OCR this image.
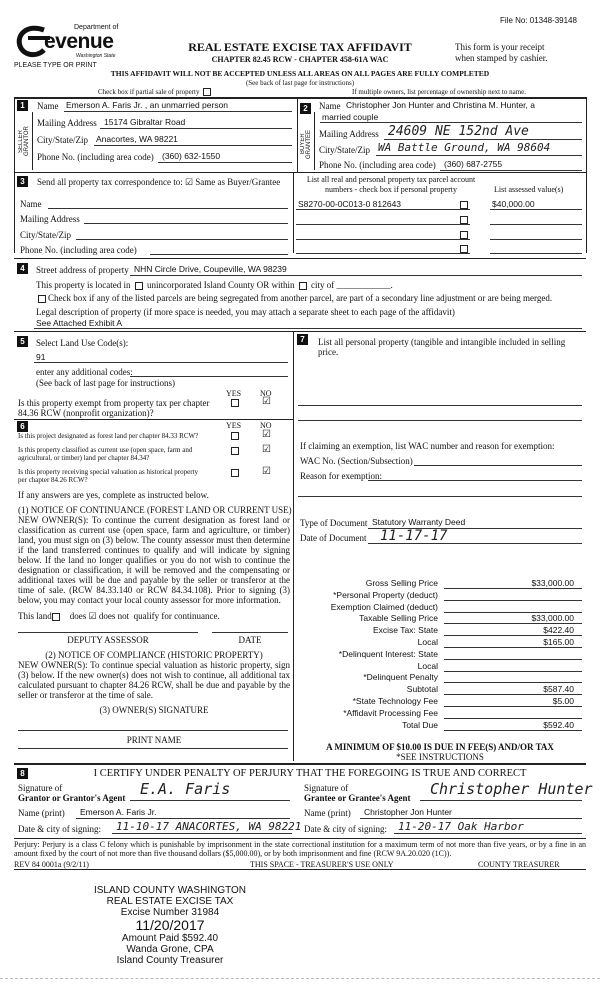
File No: 01348-39148
Department of
evenue
Washington State
PLEASE TYPE OR PRINT
REAL ESTATE EXCISE TAX AFFIDAVIT
CHAPTER 82.45 RCW - CHAPTER 458-61A WAC
This form is your receipt
when stamped by cashier.
THIS AFFIDAVIT WILL NOT BE ACCEPTED UNLESS ALL AREAS ON ALL PAGES ARE FULLY COMPLETED
(See back of last page for instructions)
Check box if partial sale of property	If multiple owners, list percentage of ownership next to name.
1
SELLER GRANTOR
Name Emerson A. Faris Jr. , an unmarried person
Mailing Address 15174 Gibraltar Road
City/State/Zip Anacortes, WA 98221
Phone No. (including area code) (360) 632-1550
2
BUYER GRANTEE
Name Christopher Jon Hunter and Christina M. Hunter, a
married couple
Mailing Address 24609 NE 152nd Ave
City/State/Zip WA Battle Ground, WA 98604
Phone No. (including area code) (360) 687-2755
3	Send all property tax correspondence to: ☑ Same as Buyer/Grantee
Name
Mailing Address
City/State/Zip
Phone No. (including area code)
List all real and personal property tax parcel account
numbers - check box if personal property	List assessed value(s)
S8270-00-0C013-0 812643	$40,000.00
4	Street address of property NHN Circle Drive, Coupeville, WA 98239
This property is located in unincorporated Island County OR within city of ____________.
Check box if any of the listed parcels are being segregated from another parcel, are part of a secondary line adjustment or are being merged.
Legal description of property (if more space is needed, you may attach a separate sheet to each page of the affidavit)
See Attached Exhibit A
5	Select Land Use Code(s):
91
enter any additional codes:
(See back of last page for instructions)
YES NO
Is this property exempt from property tax per chapter
84.36 RCW (nonprofit organization)?
☑
6	YES NO
Is this project designated as forest land per chapter 84.33 RCW?	☑
Is this property classified as current use (open space, farm and
agricultural, or timber) land per chapter 84.34?
☑
Is this property receiving special valuation as historical property
per chapter 84.26 RCW?
☑
If any answers are yes, complete as instructed below.
(1) NOTICE OF CONTINUANCE (FOREST LAND OR CURRENT USE)
NEW OWNER(S): To continue the current designation as forest land or classification as current use (open space, farm and agriculture, or timber) land, you must sign on (3) below. The county assessor must then determine if the land transferred continues to qualify and will indicate by signing below. If the land no longer qualifies or you do not wish to continue the designation or classification, it will be removed and the compensating or additional taxes will be due and payable by the seller or transferor at the time of sale. (RCW 84.33.140 or RCW 84.34.108). Prior to signing (3) below, you may contact your local county assessor for more information.
This land does ☑ does not qualify for continuance.
DEPUTY ASSESSOR	DATE
(2) NOTICE OF COMPLIANCE (HISTORIC PROPERTY)
NEW OWNER(S): To continue special valuation as historic property, sign (3) below. If the new owner(s) does not wish to continue, all additional tax calculated pursuant to chapter 84.26 RCW, shall be due and payable by the seller or transferor at the time of sale.
(3) OWNER(S) SIGNATURE
PRINT NAME
7	List all personal property (tangible and intangible included in selling price.
If claiming an exemption, list WAC number and reason for exemption:
WAC No. (Section/Subsection)
Reason for exemption:
Type of Document Statutory Warranty Deed
Date of Document 11-17-17
Gross Selling Price	$33,000.00
*Personal Property (deduct)
Exemption Claimed (deduct)
Taxable Selling Price	$33,000.00
Excise Tax: State	$422.40
Local	$165.00
*Delinquent Interest: State
Local
*Delinquent Penalty
Subtotal	$587.40
*State Technology Fee	$5.00
*Affidavit Processing Fee
Total Due	$592.40
A MINIMUM OF $10.00 IS DUE IN FEE(S) AND/OR TAX
*SEE INSTRUCTIONS
8	I CERTIFY UNDER PENALTY OF PERJURY THAT THE FOREGOING IS TRUE AND CORRECT
Signature of
Grantor or Grantor's Agent E.A. Faris
Name (print) Emerson A. Faris Jr.
Date & city of signing: 11-10-17 ANACORTES, WA 98221
Signature of
Grantee or Grantee's Agent Christopher Hunter
Name (print) Christopher Jon Hunter
Date & city of signing: 11-20-17 Oak Harbor
Perjury: Perjury is a class C felony which is punishable by imprisonment in the state correctional institution for a maximum term of not more than five years, or by a fine in an amount fixed by the court of not more than five thousand dollars ($5,000.00), or by both imprisonment and fine (RCW 9A.20.020 (1C)).
REV 84 0001a (9/2/11)	THIS SPACE - TREASURER'S USE ONLY	COUNTY TREASURER
ISLAND COUNTY WASHINGTON
REAL ESTATE EXCISE TAX
Excise Number 31984
11/20/2017
Amount Paid $592.40
Wanda Grone, CPA
Island County Treasurer
